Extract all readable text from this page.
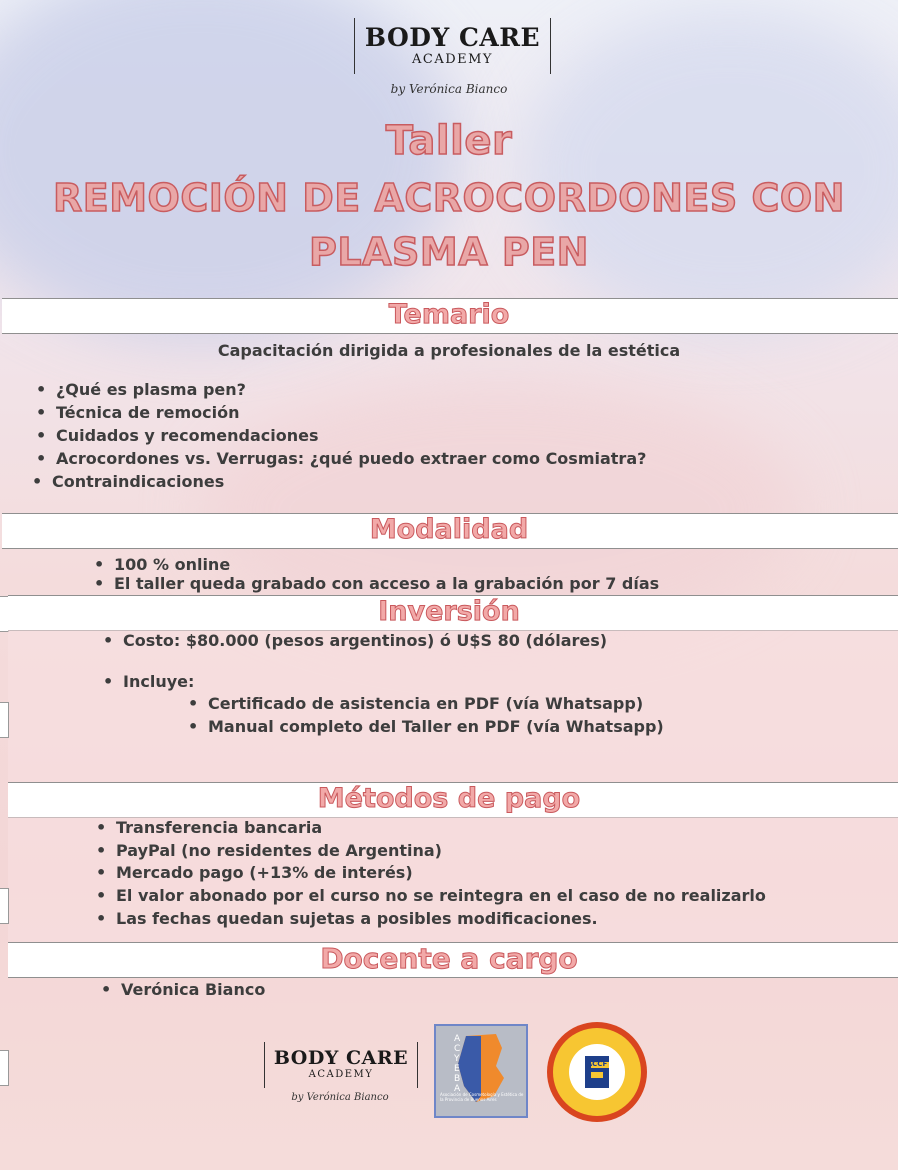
BODY CARE
ACADEMY
by Verónica Bianco
Taller
REMOCIÓN DE ACROCORDONES CON
PLASMA PEN
Temario
Capacitación dirigida a profesionales de la estética
• ¿Qué es plasma pen?
• Técnica de remoción
• Cuidados y recomendaciones
• Acrocordones vs. Verrugas: ¿qué puedo extraer como Cosmiatra?
• Contraindicaciones
Modalidad
• 100 % online
• El taller queda grabado con acceso a la grabación por 7 días
Inversión
• Costo: $80.000 (pesos argentinos) ó U$S 80 (dólares)
• Incluye:
• Certificado de asistencia en PDF (vía Whatsapp)
• Manual completo del Taller en PDF (vía Whatsapp)
Métodos de pago
• Transferencia bancaria
• PayPal (no residentes de Argentina)
• Mercado pago (+13% de interés)
• El valor abonado por el curso no se reintegra en el caso de no realizarlo
• Las fechas quedan sujetas a posibles modificaciones.
Docente a cargo
• Verónica Bianco
BODY CARE
ACADEMY
by Verónica Bianco
ACYEBA
Asociación de Cosmetología y Estética de la Provincia de Buenos Aires
ACCF
